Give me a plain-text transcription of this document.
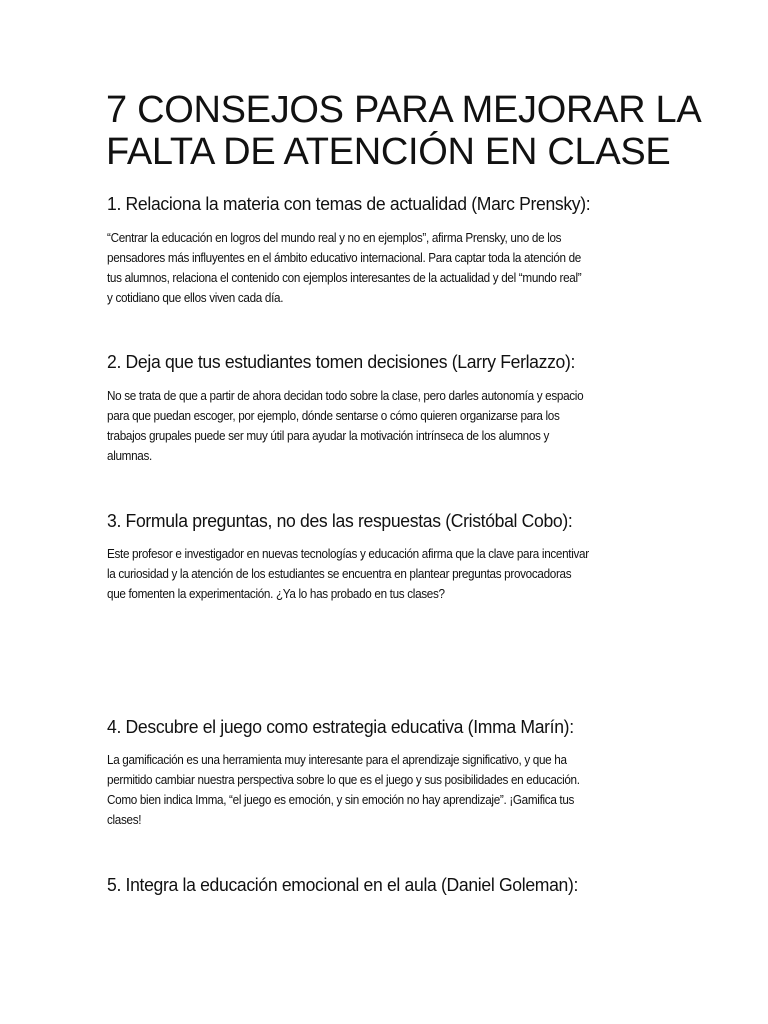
7 CONSEJOS PARA MEJORAR LA
FALTA DE ATENCIÓN EN CLASE
1. Relaciona la materia con temas de actualidad (Marc Prensky):

“Centrar la educación en logros del mundo real y no en ejemplos”, afirma Prensky, uno de los
pensadores más influyentes en el ámbito educativo internacional. Para captar toda la atención de
tus alumnos, relaciona el contenido con ejemplos interesantes de la actualidad y del “mundo real”
y cotidiano que ellos viven cada día.

2. Deja que tus estudiantes tomen decisiones (Larry Ferlazzo):

No se trata de que a partir de ahora decidan todo sobre la clase, pero darles autonomía y espacio
para que puedan escoger, por ejemplo, dónde sentarse o cómo quieren organizarse para los
trabajos grupales puede ser muy útil para ayudar la motivación intrínseca de los alumnos y
alumnas.

3. Formula preguntas, no des las respuestas (Cristóbal Cobo):

Este profesor e investigador en nuevas tecnologías y educación afirma que la clave para incentivar
la curiosidad y la atención de los estudiantes se encuentra en plantear preguntas provocadoras
que fomenten la experimentación. ¿Ya lo has probado en tus clases?

4. Descubre el juego como estrategia educativa (Imma Marín):

La gamificación es una herramienta muy interesante para el aprendizaje significativo, y que ha
permitido cambiar nuestra perspectiva sobre lo que es el juego y sus posibilidades en educación.
Como bien indica Imma, “el juego es emoción, y sin emoción no hay aprendizaje”. ¡Gamifica tus
clases!

5. Integra la educación emocional en el aula (Daniel Goleman):
